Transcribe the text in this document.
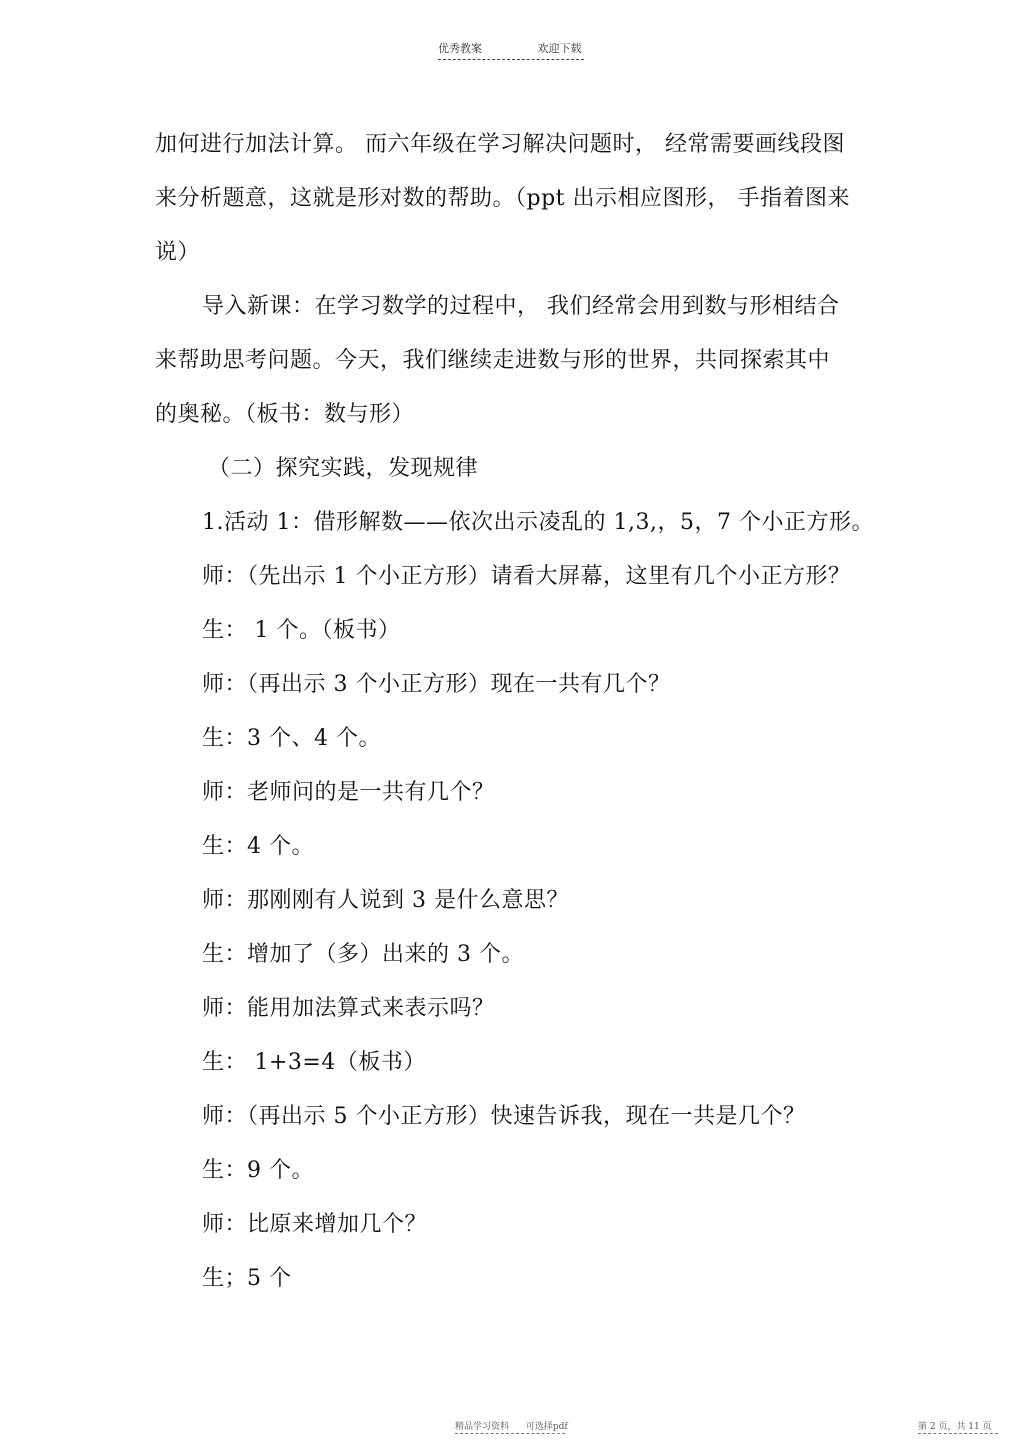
优秀教案	欢迎下载
加何进行加法计算。 而六年级在学习解决问题时， 经常需要画线段图
来分析题意，这就是形对数的帮助。（ppt 出示相应图形， 手指着图来
说）
导入新课：在学习数学的过程中， 我们经常会用到数与形相结合
来帮助思考问题。今天，我们继续走进数与形的世界，共同探索其中
的奥秘。（板书：数与形）
（二）探究实践，发现规律
1.活动 1：借形解数——依次出示凌乱的 1,3,，5，7 个小正方形。
师：（先出示 1 个小正方形）请看大屏幕，这里有几个小正方形？
生： 1 个。（板书）
师：（再出示 3 个小正方形）现在一共有几个？
生：3 个、4 个。
师：老师问的是一共有几个？
生：4 个。
师：那刚刚有人说到 3 是什么意思？
生：增加了（多）出来的 3 个。
师：能用加法算式来表示吗？
生： 1+3=4（板书）
师：（再出示 5 个小正方形）快速告诉我，现在一共是几个？
生：9 个。
师：比原来增加几个？
生；5 个
精品学习资料 可选择pdf	第 2 页，共 11 页
